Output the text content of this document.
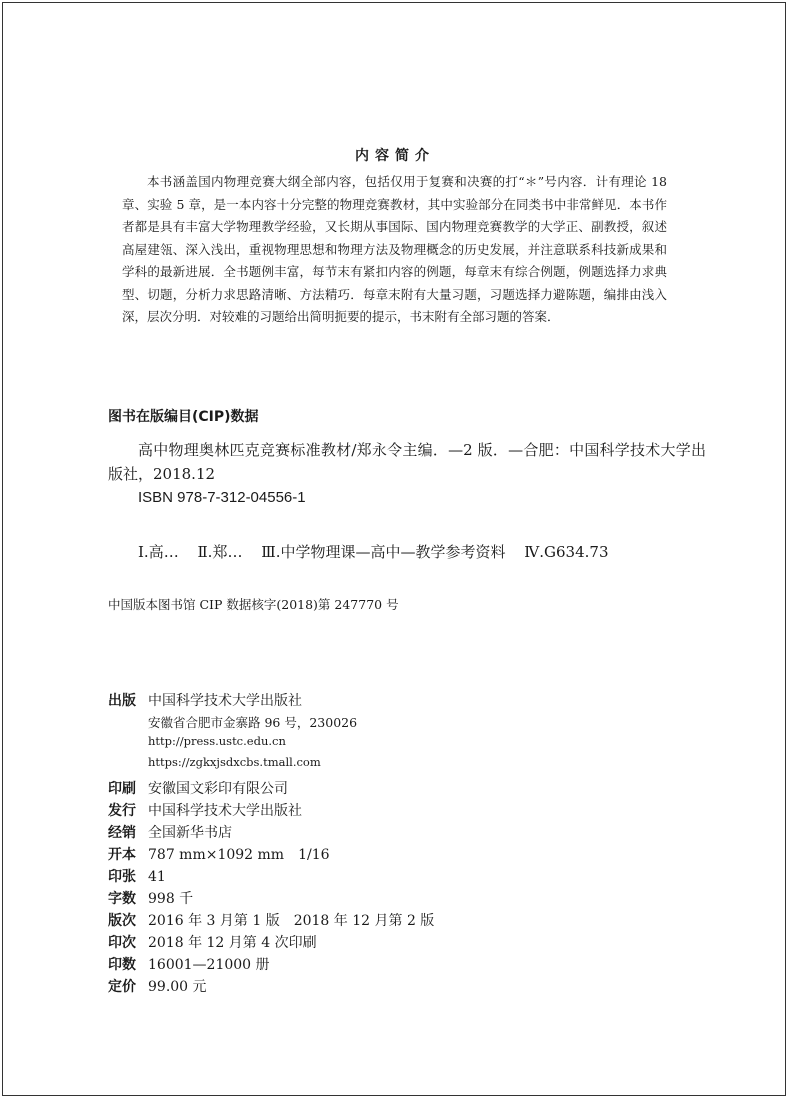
内容简介

本书涵盖国内物理竞赛大纲全部内容，包括仅用于复赛和决赛的打“＊”号内容．计有理论 18 章、实验 5 章，是一本内容十分完整的物理竞赛教材，其中实验部分在同类书中非常鲜见．本书作者都是具有丰富大学物理教学经验，又长期从事国际、国内物理竞赛教学的大学正、副教授，叙述高屋建瓴、深入浅出，重视物理思想和物理方法及物理概念的历史发展，并注意联系科技新成果和学科的最新进展．全书题例丰富，每节末有紧扣内容的例题，每章末有综合例题，例题选择力求典型、切题，分析力求思路清晰、方法精巧．每章末附有大量习题，习题选择力避陈题，编排由浅入深，层次分明．对较难的习题给出简明扼要的提示，书末附有全部习题的答案．

图书在版编目(CIP)数据

高中物理奥林匹克竞赛标准教材/郑永令主编．—2 版．—合肥：中国科学技术大学出版社，2018.12

ISBN 978-7-312-04556-1

Ⅰ.高… Ⅱ.郑… Ⅲ.中学物理课—高中—教学参考资料 Ⅳ.G634.73
中国版本图书馆 CIP 数据核字(2018)第 247770 号
出版 中国科学技术大学出版社
安徽省合肥市金寨路 96 号，230026
http://press.ustc.edu.cn
https://zgkxjsdxcbs.tmall.com
印刷 安徽国文彩印有限公司
发行 中国科学技术大学出版社
经销 全国新华书店
开本 787 mm×1092 mm　1/16
印张 41
字数 998 千
版次 2016 年 3 月第 1 版　2018 年 12 月第 2 版
印次 2018 年 12 月第 4 次印刷
印数 16001—21000 册
定价 99.00 元
